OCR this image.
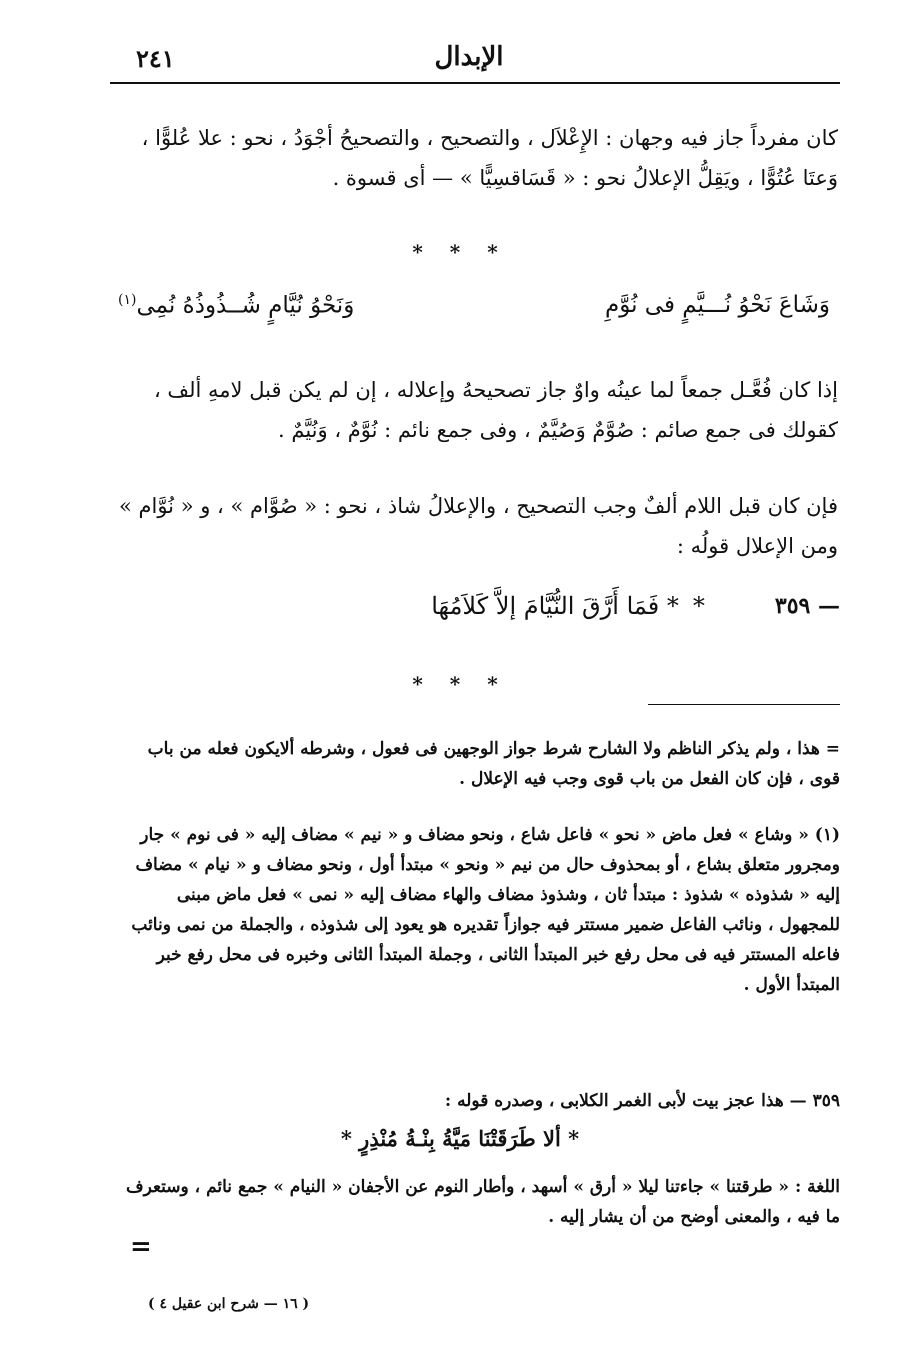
الإبدال
٢٤١
كان مفرداً جاز فيه وجهان : الإِعْلاَل ، والتصحيح ، والتصحيحُ أجْوَدُ ، نحو : علا عُلوًّا ، وَعتَا عُتُوًّا ، ويَقِلُّ الإعلالُ نحو : « قَسَاقسِيًّا » — أى قسوة .
* * *
وَشَاعَ نَحْوُ نُـــيَّمٍ فى نُوَّمِ
وَنَحْوُ نُيَّامٍ شُــذُوذُهُ نُمِى$^{(١)}$
إذا كان فُعَّـل جمعاً لما عينُه واوٌ جاز تصحيحهُ وإعلاله ، إن لم يكن قبل لامهِ ألف ، كقولك فى جمع صائم : صُوَّمٌ وَصُيَّمٌ ، وفى جمع نائم : نُوَّمٌ ، وَنُيَّمٌ .
فإن كان قبل اللام ألفٌ وجب التصحيح ، والإعلالُ شاذ ، نحو : « صُوَّام » ، و « نُوَّام » ومن الإعلال قولُه :
٣٥٩ —
*
فَمَا أَرَّقَ النُّيَّامَ إلاَّ كَلاَمُهَا *
* * *
= هذا ، ولم يذكر الناظم ولا الشارح شرط جواز الوجهين فى فعول ، وشرطه ألايكون فعله من باب قوى ، فإن كان الفعل من باب قوى وجب فيه الإعلال .
(١) « وشاع » فعل ماض « نحو » فاعل شاع ، ونحو مضاف و « نيم » مضاف إليه « فى نوم » جار ومجرور متعلق بشاع ، أو بمحذوف حال من نيم « ونحو » مبتدأ أول ، ونحو مضاف و « نيام » مضاف إليه « شذوذه » شذوذ : مبتدأ ثان ، وشذوذ مضاف والهاء مضاف إليه « نمى » فعل ماض مبنى للمجهول ، ونائب الفاعل ضمير مستتر فيه جوازاً تقديره هو يعود إلى شذوذه ، والجملة من نمى ونائب فاعله المستتر فيه فى محل رفع خبر المبتدأ الثانى ، وجملة المبتدأ الثانى وخبره فى محل رفع خبر المبتدأ الأول .
٣٥٩ — هذا عجز بيت لأبى الغمر الكلابى ، وصدره قوله :
* ألا طَرَقَتْنَا مَيَّةُ بِنْـةُ مُنْذِرٍ *
اللغة : « طرقتنا » جاءتنا ليلا « أرق » أسهد ، وأطار النوم عن الأجفان « النيام » جمع نائم ، وستعرف ما فيه ، والمعنى أوضح من أن يشار إليه .
=
( ١٦ — شرح ابن عقيل ٤ )
